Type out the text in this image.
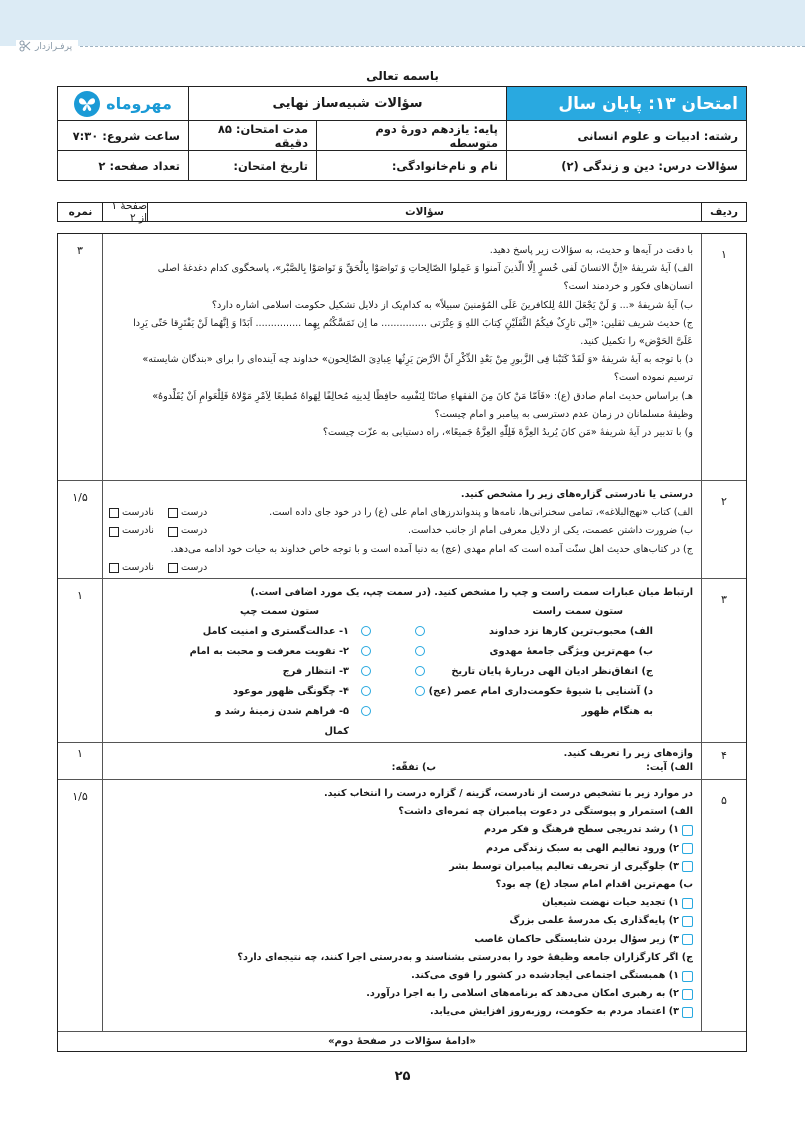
پرفـراز‌دار
باسمه تعالی
امتحان ۱۳: پایان سال
سؤالات شبیه‌ساز نهایی
مهروماه
رشته: ادبیات و علوم انسانی
پایه: یازدهم دورهٔ دوم متوسطه
مدت امتحان: ۸۵ دقیقه
ساعت شروع: ۷:۳۰
سؤالات درس: دین و زندگی (۲)
نام و نام‌خانوادگی:
تاریخ امتحان:
تعداد صفحه: ۲
ردیف
سؤالات
صفحهٔ ۱ از ۲
نمره
۱

با دقت در آیه‌ها و حدیث، به سؤالات زیر پاسخ دهید.

الف) آیهٔ شریفهٔ «اِنَّ الانسانَ لَفی خُسرٍ اِلَّا الَّذینَ آمنوا وَ عَمِلوا الصّالِحاتِ وَ تَواصَوْا بِالْحَقِّ وَ تَواصَوْا بِالصَّبْر»، پاسخگوی کدام دغدغهٔ اصلی

انسان‌های فکور و خردمند است؟

ب) آیهٔ شریفهٔ «... وَ لَنْ یَجْعَلَ اللهُ لِلکافرینَ عَلَی المُؤمنینَ سبیلاً» به کدام‌یک از دلایل تشکیل حکومت اسلامی اشاره دارد؟

ج) حدیث شریف ثقلین: «اِنّی تارِکٌ فیکُمُ الثَّقَلَیْنِ کِتابَ اللهِ وَ عِتْرَتی ............... ما اِن تَمَسَّکْتُم بِهِما ............... اَبَدًا وَ اِنَّهُما لَنْ یَفْتَرِقا حَتّی یَرِدا

عَلَیَّ الحَوْض» را تکمیل کنید.

د) با توجه به آیهٔ شریفهٔ «وَ لَقَدْ کَتَبْنا فِی الزَّبورِ مِنْ بَعْدِ الذِّکْرِ اَنَّ الاَرْضَ یَرِثُها عِبادِیَ الصّالِحون» خداوند چه آینده‌ای را برای «بندگان شایسته»

ترسیم نموده است؟

هـ) براساس حدیث امام صادق (ع): «فَاَمّا مَنْ کانَ مِنَ الفقهاءِ صائنًا لِنَفْسِه حافِظًا لِدینِه مُخالِفًا لِهَواهُ مُطیعًا لِاَمْرِ مَوْلاهُ فَلِلْعَوامِ اَنْ یُقَلِّدوهُ»

وظیفهٔ مسلمانان در زمان عدم دسترسی به پیامبر و امام چیست؟

و) با تدبیر در آیهٔ شریفهٔ «مَن کانَ یُریدُ العِزَّةَ فَلِلّٰهِ العِزَّةُ جَمیعًا»، راه دستیابی به عزّت چیست؟

۳
۲

درستی یا نادرستی گزاره‌های زیر را مشخص کنید.

الف) کتاب «نهج‌البلاغه»، تمامی سخنرانی‌ها، نامه‌ها و پندواندرزهای امام علی (ع) را در خود جای داده است.
درست
نادرست

ب) ضرورت داشتن عصمت، یکی از دلایل معرفی امام از جانب خداست.
درست
نادرست

ج) در کتاب‌های حدیث اهل سنّت آمده است که امام مهدی (عج) به دنیا آمده است و با توجه خاص خداوند به حیات خود ادامه می‌دهد.

درست
نادرست

۱/۵
۳

ارتباط میان عبارات سمت راست و چپ را مشخص کنید. (در سمت چپ، یک مورد اضافی است.)

ستون سمت راست
الف) محبوب‌ترین کارها نزد خداوند
ب) مهم‌ترین ویژگی جامعهٔ مهدوی
ج) اتفاق‌نظر ادیان الهی دربارهٔ پایان تاریخ
د) آشنایی با شیوهٔ حکومت‌داری امام عصر (عج) به هنگام ظهور

ستون سمت چپ
۱- عدالت‌گستری و امنیت کامل
۲- تقویت معرفت و محبت به امام
۳- انتظار فرج
۴- چگونگی ظهور موعود
۵- فراهم شدن زمینهٔ رشد و کمال
۱
۴

واژه‌های زیر را تعریف کنید.

الف) آیت:
ب) تفقّه:

۱
۵

در موارد زیر با تشخیص درست از نادرست، گزینه / گزاره درست را انتخاب کنید.

الف) استمرار و پیوستگی در دعوت پیامبران چه ثمره‌ای داشت؟

۱) رشد تدریجی سطح فرهنگ و فکر مردم

۲) ورود تعالیم الهی به سبک زندگی مردم

۳) جلوگیری از تحریف تعالیم پیامبران توسط بشر

ب) مهم‌ترین اقدام امام سجاد (ع) چه بود؟

۱) تجدید حیات نهضت شیعیان

۲) پایه‌گذاری یک مدرسهٔ علمی بزرگ

۳) زیر سؤال بردن شایستگی حاکمان غاصب

ج) اگر کارگزاران جامعه وظیفهٔ خود را به‌درستی بشناسند و به‌درستی اجرا کنند، چه نتیجه‌ای دارد؟

۱) همبستگی اجتماعی ایجادشده در کشور را قوی می‌کند.

۲) به رهبری امکان می‌دهد که برنامه‌های اسلامی را به اجرا درآورد.

۳) اعتماد مردم به حکومت، روزبه‌روز افزایش می‌یابد.

۱/۵
«ادامهٔ سؤالات در صفحهٔ دوم»
۲۵
